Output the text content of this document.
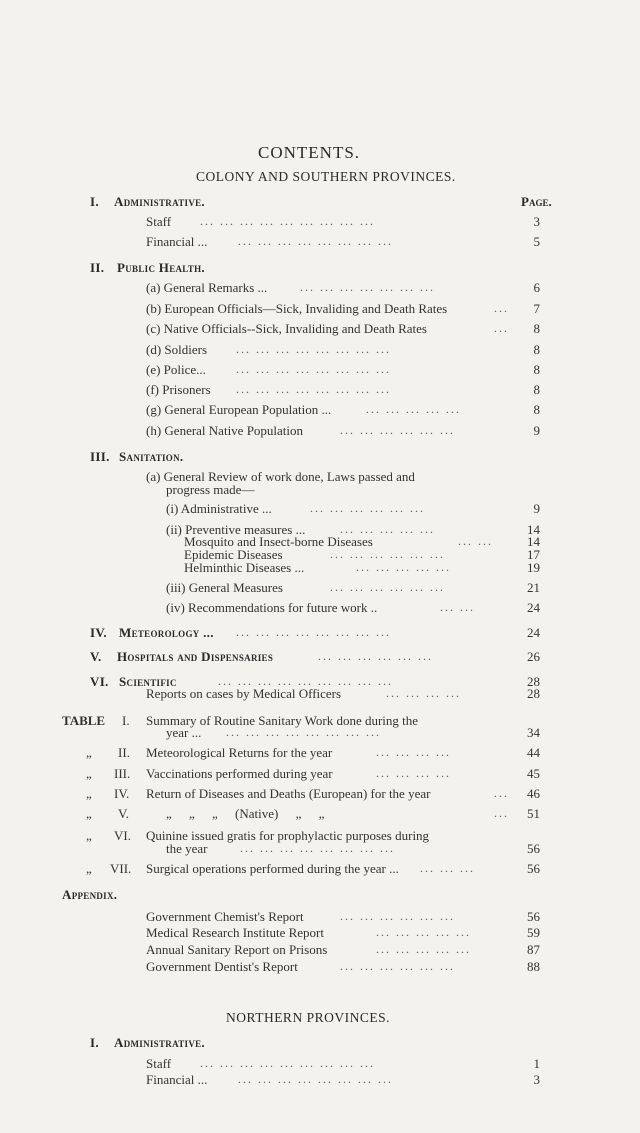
CONTENTS.
COLONY AND SOUTHERN PROVINCES.
I. Administrative.	Page.
Staff ... ... ... ... ... ... ... ... ...	3
Financial ...	... ... ... ... ... ... ... ...	5
II. Public Health.
(a) General Remarks ...	... ... ... ... ... ... ...	6
(b) European Officials—Sick, Invaliding and Death Rates	...	7
(c) Native Officials--Sick, Invaliding and Death Rates	...	8
(d) Soldiers ... ... ... ... ... ... ... ...	8
(e) Police...	... ... ... ... ... ... ... ...	8
(f) Prisoners ... ... ... ... ... ... ... ...	8
(g) General European Population ...	... ... ... ... ...	8
(h) General Native Population	... ... ... ... ... ...	9
III. Sanitation.
(a) General Review of work done, Laws passed and
progress made—
(i) Administrative ...	... ... ... ... ... ...	9
(ii) Preventive measures ...	... ... ... ... ...	14
Mosquito and Insect-borne Diseases	... ...	14
Epidemic Diseases	... ... ... ... ... ...	17
Helminthic Diseases ...	... ... ... ... ...	19
(iii) General Measures	... ... ... ... ... ...	21
(iv) Recommendations for future work ..	... ...	24
IV. Meteorology ... ... ... ... ... ... ... ... ...	24
V. Hospitals and Dispensaries	... ... ... ... ... ...	26
VI. Scientific	... ... ... ... ... ... ... ... ...	28
Reports on cases by Medical Officers	... ... ... ...	28
TABLE I. Summary of Routine Sanitary Work done during the
year ... ... ... ... ... ... ... ... ...	34
„ II. Meteorological Returns for the year	... ... ... ...	44
„ III. Vaccinations performed during year	... ... ... ...	45
„ IV. Return of Diseases and Deaths (European) for the year	...	46
„ V.	„ „ „ (Native) „ „	...	51
„ VI. Quinine issued gratis for prophylactic purposes during
the year	... ... ... ... ... ... ... ...	56
„ VII. Surgical operations performed during the year ... ... ... ...	56
Appendix.
Government Chemist's Report	... ... ... ... ... ...	56
Medical Research Institute Report	... ... ... ... ...	59
Annual Sanitary Report on Prisons	... ... ... ... ...	87
Government Dentist's Report	... ... ... ... ... ...	88
NORTHERN PROVINCES.
I. Administrative.
Staff ... ... ... ... ... ... ... ... ...	1
Financial ...	... ... ... ... ... ... ... ...	3
